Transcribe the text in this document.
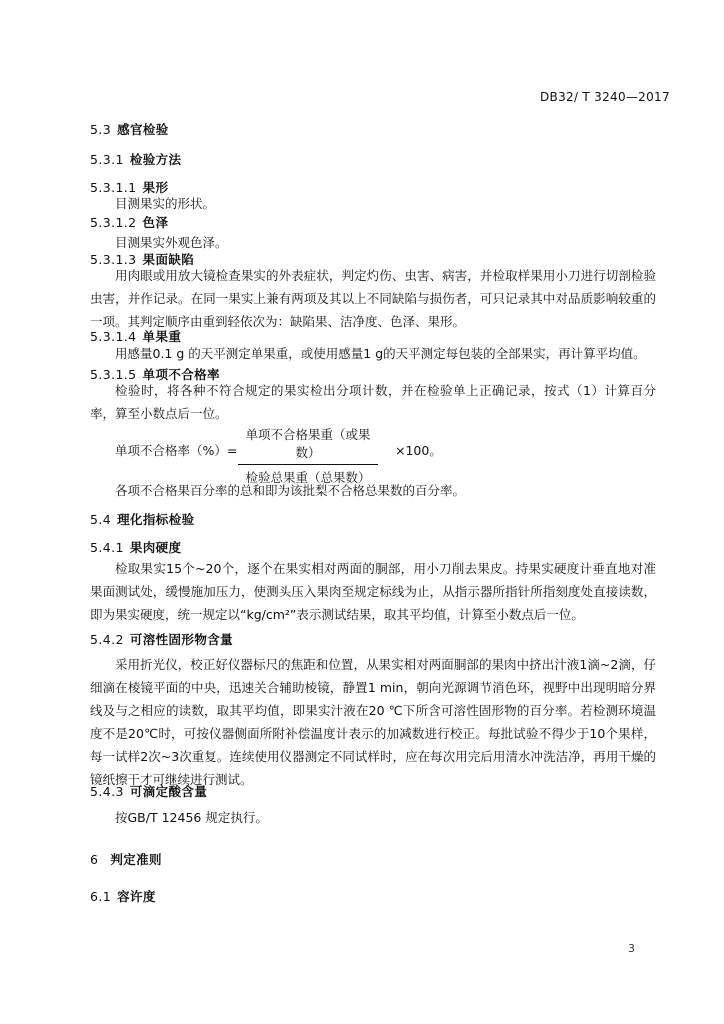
DB32/ T 3240—2017
5.3 感官检验
5.3.1 检验方法
5.3.1.1 果形
目测果实的形状。
5.3.1.2 色泽
目测果实外观色泽。
5.3.1.3 果面缺陷
用肉眼或用放大镜检查果实的外表症状，判定灼伤、虫害、病害，并检取样果用小刀进行切剖检验虫害，并作记录。在同一果实上兼有两项及其以上不同缺陷与损伤者，可只记录其中对品质影响较重的一项。其判定顺序由重到轻依次为：缺陷果、洁净度、色泽、果形。
5.3.1.4 单果重
用感量0.1 g 的天平测定单果重，或使用感量1 g的天平测定每包装的全部果实，再计算平均值。
5.3.1.5 单项不合格率
检验时，将各种不符合规定的果实检出分项计数，并在检验单上正确记录，按式（1）计算百分率，算至小数点后一位。
单项不合格率（%）=
单项不合格果重（或果数）
检验总果重（总果数）
×100。
各项不合格果百分率的总和即为该批梨不合格总果数的百分率。
5.4 理化指标检验
5.4.1 果肉硬度
检取果实15个~20个，逐个在果实相对两面的胴部，用小刀削去果皮。持果实硬度计垂直地对准果面测试处，缓慢施加压力，使测头压入果肉至规定标线为止，从指示器所指针所指刻度处直接读数，即为果实硬度，统一规定以“kg/cm²”表示测试结果，取其平均值，计算至小数点后一位。
5.4.2 可溶性固形物含量
采用折光仪，校正好仪器标尺的焦距和位置，从果实相对两面胴部的果肉中挤出汁液1滴~2滴，仔细滴在棱镜平面的中央，迅速关合辅助棱镜，静置1 min，朝向光源调节消色环，视野中出现明暗分界线及与之相应的读数，取其平均值，即果实汁液在20 ℃下所含可溶性固形物的百分率。若检测环境温度不是20℃时，可按仪器侧面所附补偿温度计表示的加减数进行校正。每批试验不得少于10个果样，每一试样2次~3次重复。连续使用仪器测定不同试样时，应在每次用完后用清水冲洗洁净，再用干燥的镜纸擦干才可继续进行测试。
5.4.3 可滴定酸含量
按GB/T 12456 规定执行。
6 判定准则
6.1 容许度
3
